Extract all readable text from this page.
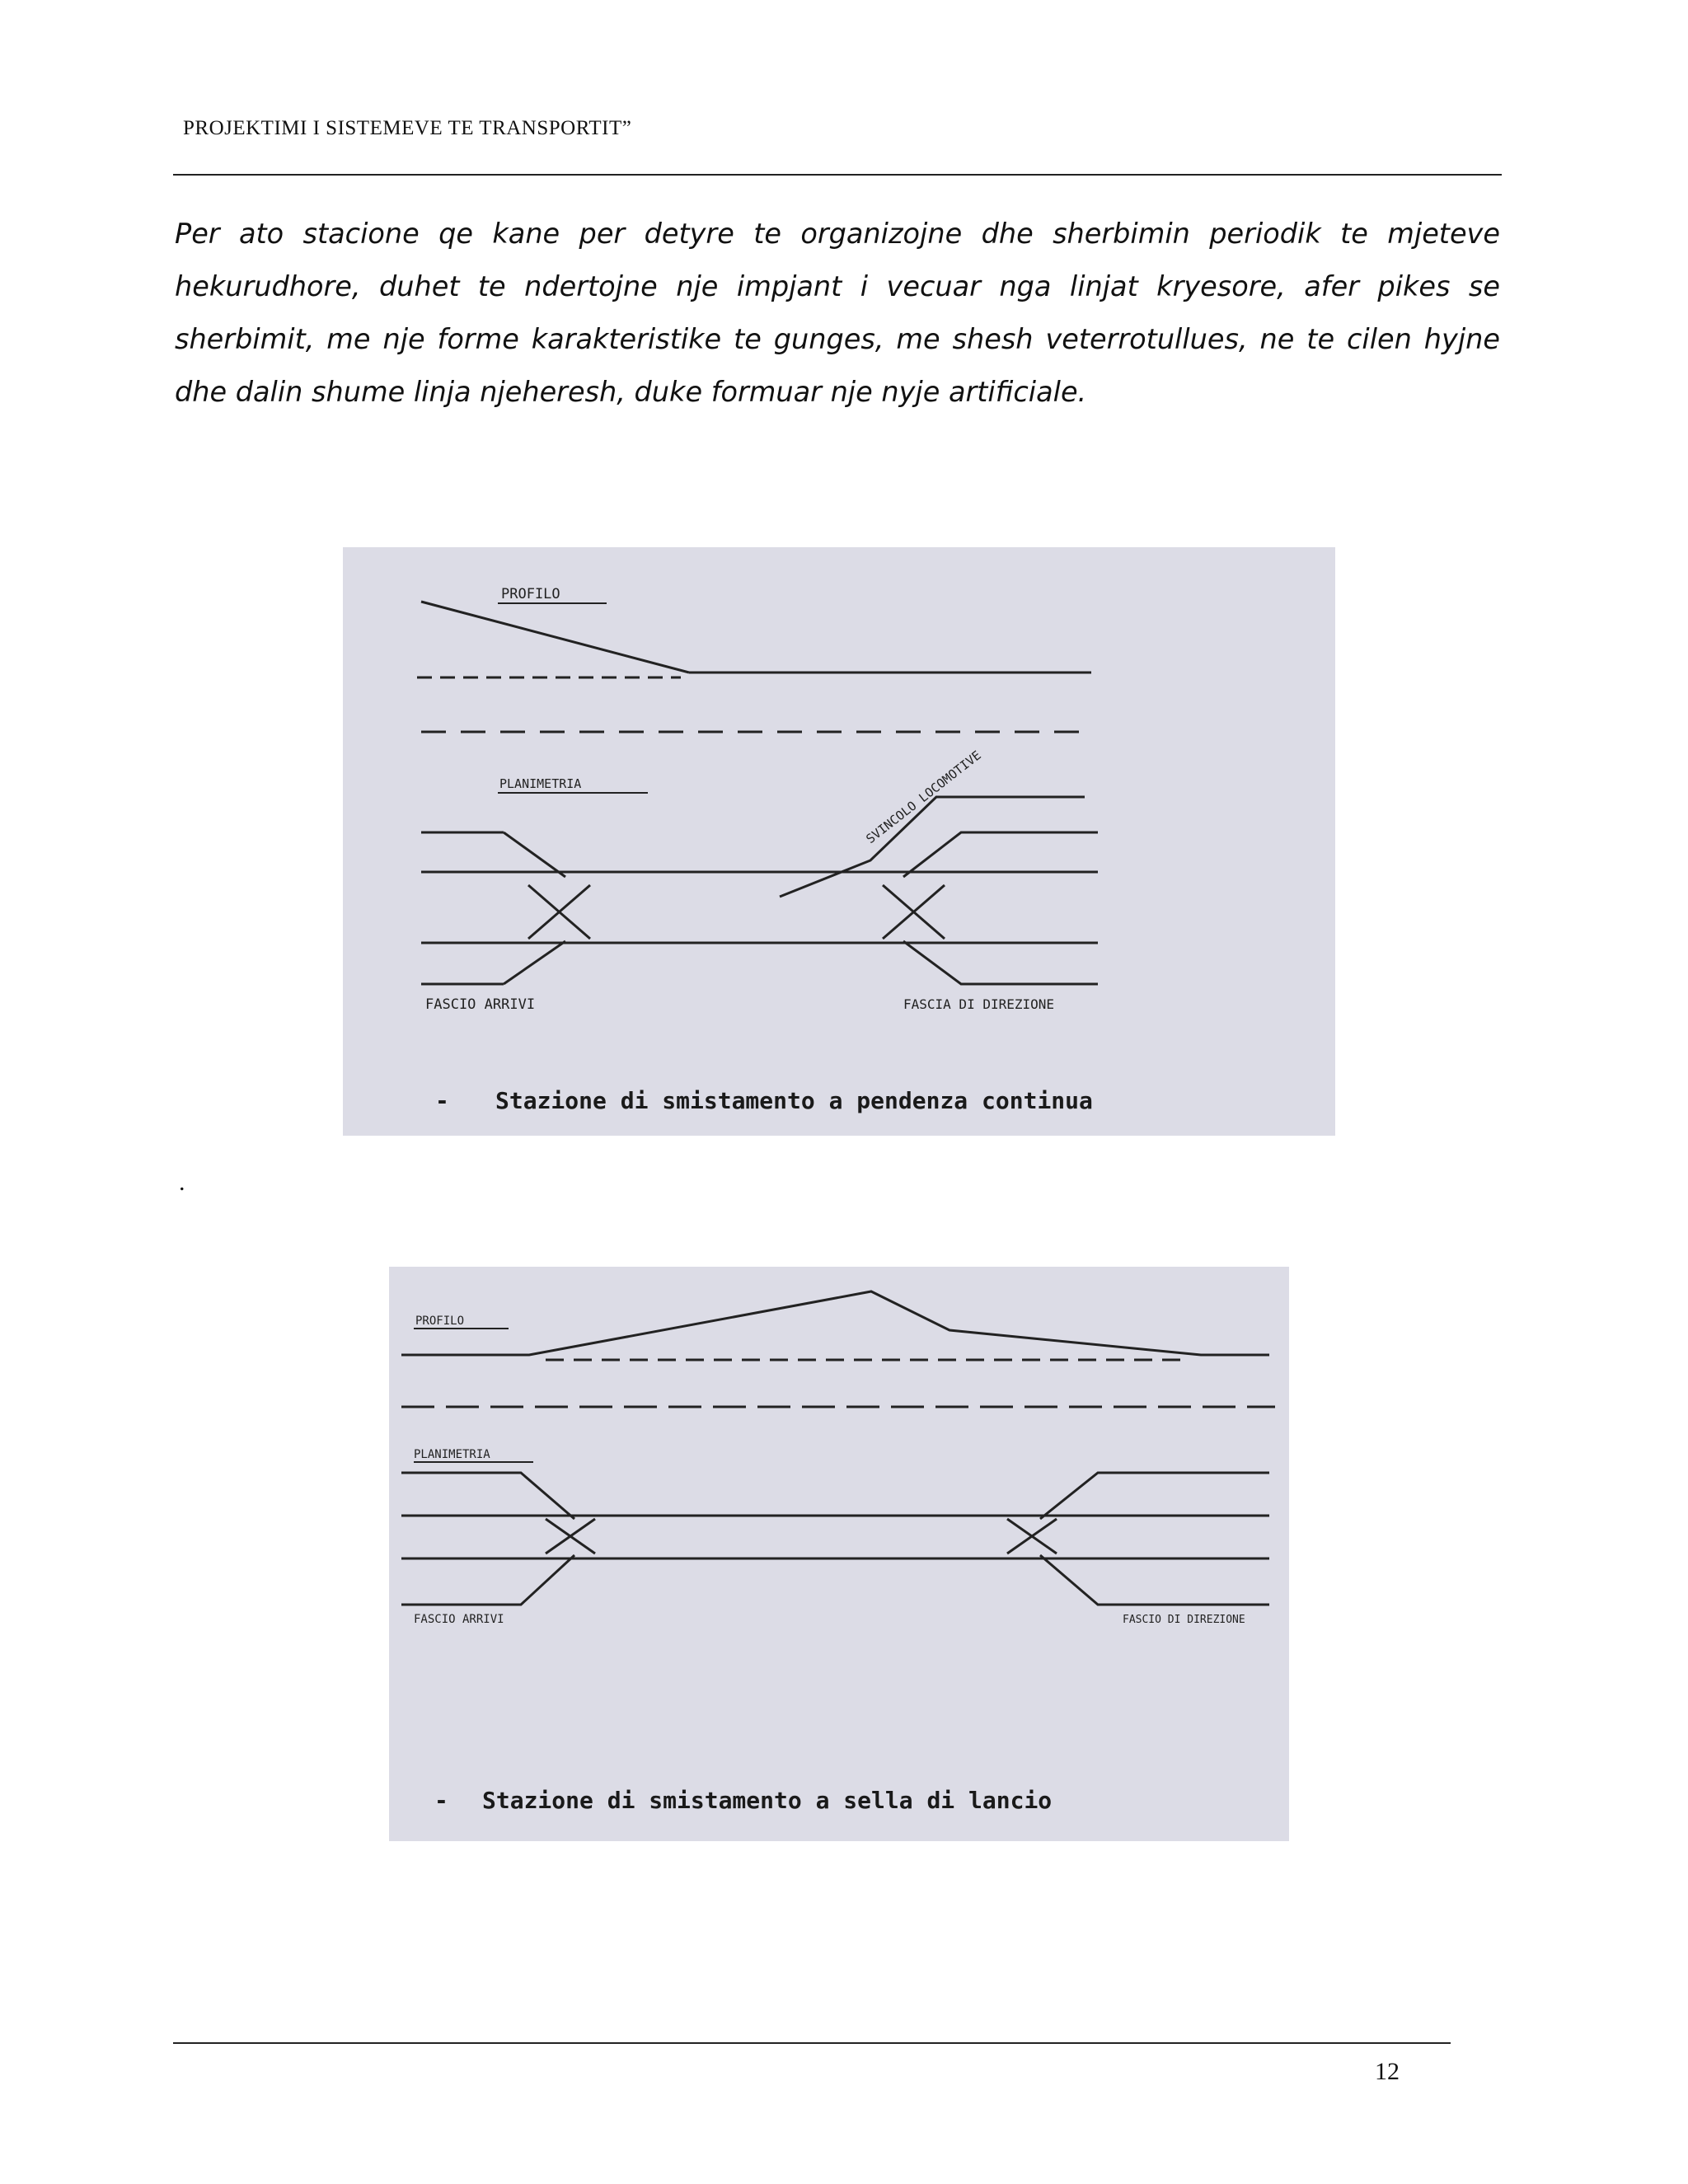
PROJEKTIMI I SISTEMEVE TE TRANSPORTIT”

Per ato stacione qe kane per detyre te organizojne dhe sherbimin periodik te mjeteve hekurudhore, duhet te ndertojne nje impjant i vecuar nga linjat kryesore, afer pikes se sherbimit, me nje forme karakteristike te gunges, me shesh veterrotullues, ne te cilen hyjne dhe dalin shume linja njeheresh, duke formuar nje nyje artificiale.

PROFILO
PLANIMETRIA	SVINCOLO LOCOMOTIVE
FASCIO ARRIVI	FASCIA DI DIREZIONE
- Stazione di smistamento a pendenza continua
.
PROFILO
PLANIMETRIA
FASCIO ARRIVI	FASCIO DI DIREZIONE
- Stazione di smistamento a sella di lancio
12
